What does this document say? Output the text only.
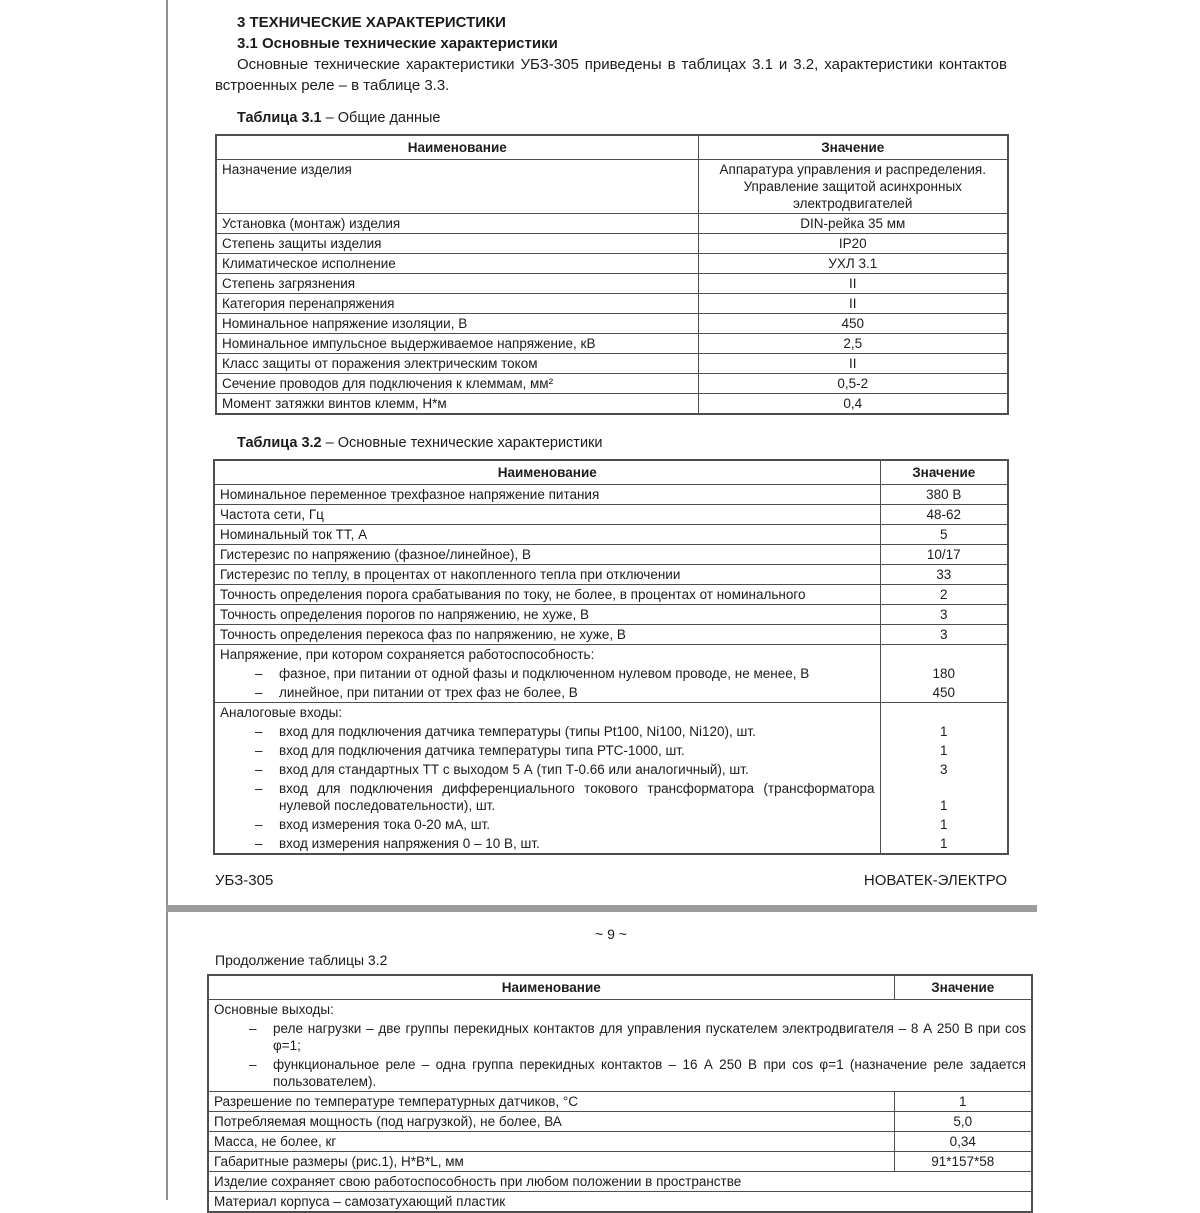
3 ТЕХНИЧЕСКИЕ ХАРАКТЕРИСТИКИ

3.1 Основные технические характеристики

Основные технические характеристики УБЗ-305 приведены в таблицах 3.1 и 3.2, характеристики контактов встроенных реле – в таблице 3.3.

Таблица 3.1 – Общие данные

Наименование	Значение
Назначение изделия	Аппаратура управления и распределения. Управление защитой асинхронных электродвигателей
Установка (монтаж) изделия	DIN-рейка 35 мм
Степень защиты изделия	IP20
Климатическое исполнение	УХЛ 3.1
Степень загрязнения	II
Категория перенапряжения	II
Номинальное напряжение изоляции, В	450
Номинальное импульсное выдерживаемое напряжение, кВ	2,5
Класс защиты от поражения электрическим током	II
Сечение проводов для подключения к клеммам, мм²	0,5-2
Момент затяжки винтов клемм, Н*м	0,4

Таблица 3.2 – Основные технические характеристики

Наименование	Значение
Номинальное переменное трехфазное напряжение питания	380 В
Частота сети, Гц	48-62
Номинальный ток ТТ, А	5
Гистерезис по напряжению (фазное/линейное), В	10/17
Гистерезис по теплу, в процентах от накопленного тепла при отключении	33
Точность определения порога срабатывания по току, не более, в процентах от номинального	2
Точность определения порогов по напряжению, не хуже, В	3
Точность определения перекоса фаз по напряжению, не хуже, В	3
Напряжение, при котором сохраняется работоспособность:	

– фазное, при питании от одной фазы и подключенном нулевом проводе, не менее, В	180

– линейное, при питании от трех фаз не более, В	450
Аналоговые входы:	

– вход для подключения датчика температуры (типы Pt100, Ni100, Ni120), шт.	1

– вход для подключения датчика температуры типа РТС-1000, шт.	1

– вход для стандартных ТТ с выходом 5 А (тип Т-0.66 или аналогичный), шт.	3

– вход для подключения дифференциального токового трансформатора (трансформатора нулевой последовательности), шт.	1

– вход измерения тока 0-20 мА, шт.	1

– вход измерения напряжения 0 – 10 В, шт.	1
УБЗ-305	НОВАТЕК-ЭЛЕКТРО

~ 9 ~

Продолжение таблицы 3.2

Наименование	Значение
Основные выходы:	

– реле нагрузки – две группы перекидных контактов для управления пускателем электродвигателя – 8 А 250 В при cos φ=1;	

– функциональное реле – одна группа перекидных контактов – 16 А 250 В при cos φ=1 (назначение реле задается пользователем).	
Разрешение по температуре температурных датчиков, °С	1
Потребляемая мощность (под нагрузкой), не более, ВА	5,0
Масса, не более, кг	0,34
Габаритные размеры (рис.1), H*B*L, мм	91*157*58
Изделие сохраняет свою работоспособность при любом положении в пространстве	
Материал корпуса – самозатухающий пластик	
